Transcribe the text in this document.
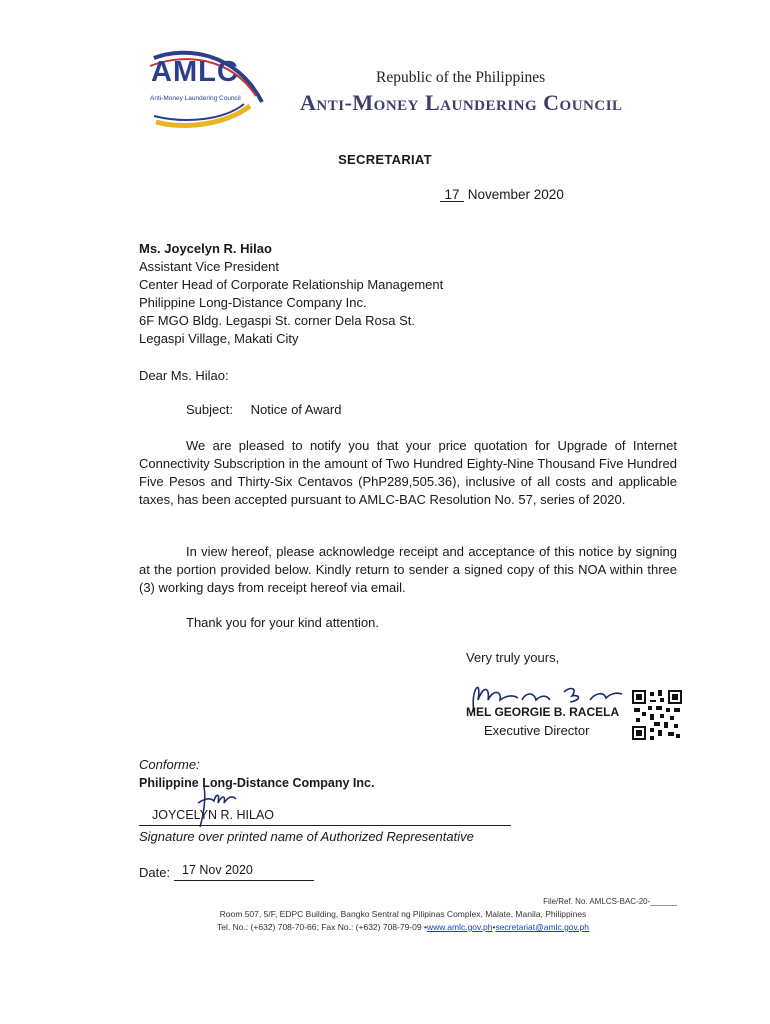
AMLC
Anti-Money Laundering Council
Republic of the Philippines
Anti-Money Laundering Council
SECRETARIAT
17 November 2020
Ms. Joycelyn R. Hilao
Assistant Vice President
Center Head of Corporate Relationship Management
Philippine Long-Distance Company Inc.
6F MGO Bldg. Legaspi St. corner Dela Rosa St.
Legaspi Village, Makati City
Dear Ms. Hilao:
Subject: Notice of Award
We are pleased to notify you that your price quotation for Upgrade of Internet Connectivity Subscription in the amount of Two Hundred Eighty-Nine Thousand Five Hundred Five Pesos and Thirty-Six Centavos (PhP289,505.36), inclusive of all costs and applicable taxes, has been accepted pursuant to AMLC-BAC Resolution No. 57, series of 2020.
In view hereof, please acknowledge receipt and acceptance of this notice by signing at the portion provided below. Kindly return to sender a signed copy of this NOA within three (3) working days from receipt hereof via email.
Thank you for your kind attention.
Very truly yours,
MEL GEORGIE B. RACELA
Executive Director
Conforme:
Philippine Long-Distance Company Inc.
JOYCELYN R. HILAO
Signature over printed name of Authorized Representative
Date: 17 Nov 2020
File/Ref. No. AMLCS-BAC-20-______
Room 507, 5/F, EDPC Building, Bangko Sentral ng Pilipinas Complex, Malate, Manila, Philippines
Tel. No.: (+632) 708-70-66; Fax No.: (+632) 708-79-09 •www.amlc.gov.ph•secretariat@amlc.gov.ph
